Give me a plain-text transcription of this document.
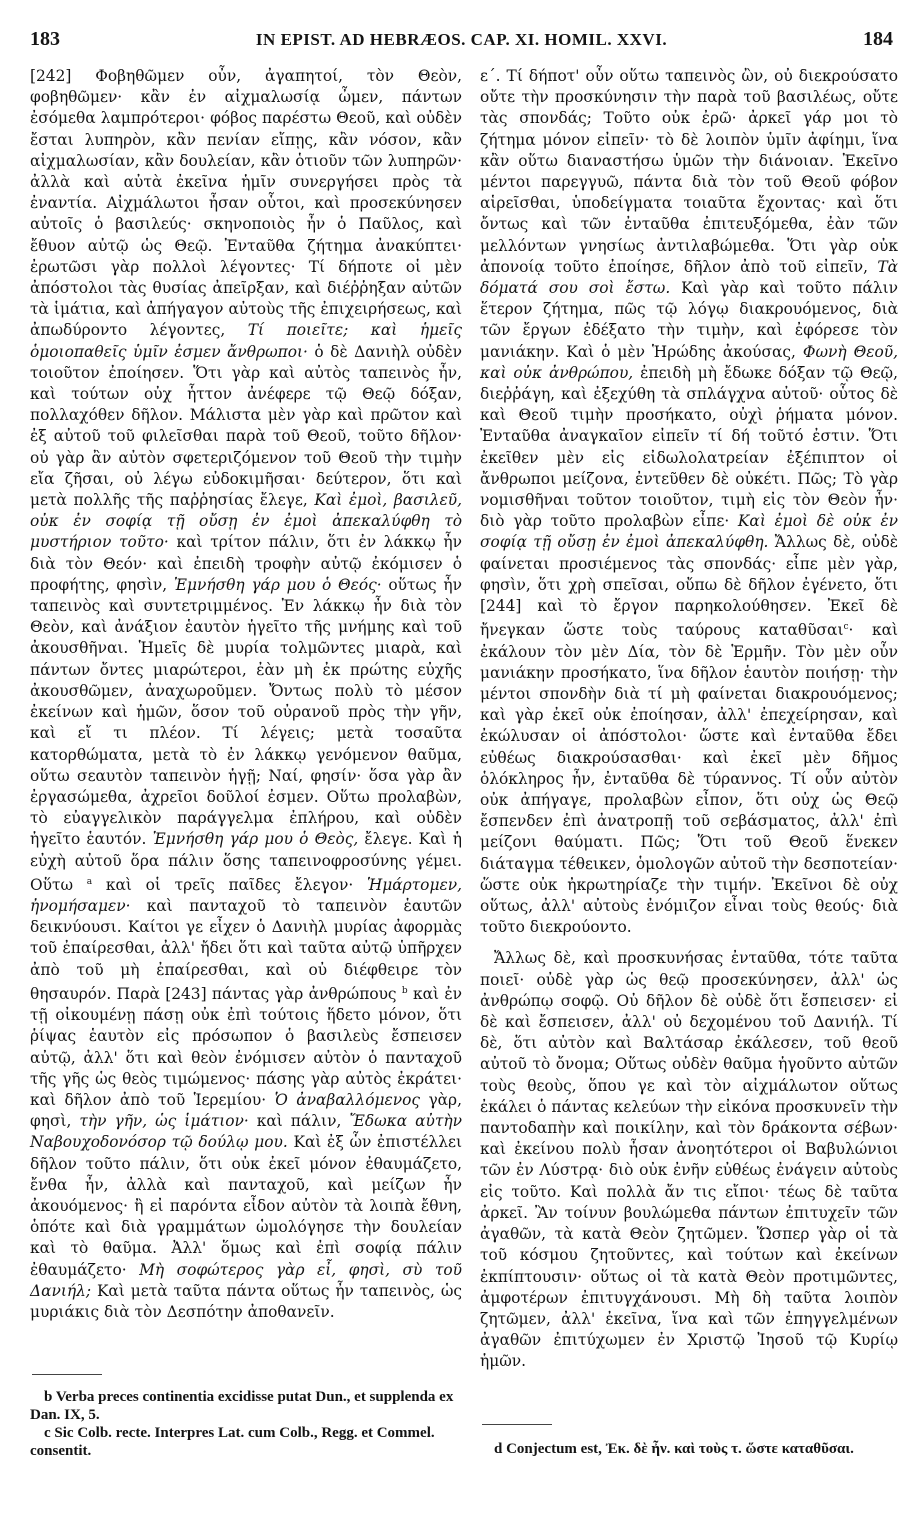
183	IN EPIST. AD HEBRÆOS. CAP. XI. HOMIL. XXVI.	184

[242] Φοβηθῶμεν οὖν, ἀγαπητοί, τὸν Θεὸν, φοβηθῶμεν· κἂν ἐν αἰχμαλωσίᾳ ὦμεν, πάντων ἐσόμεθα λαμπρότεροι· φόβος παρέστω Θεοῦ, καὶ οὐδὲν ἔσται λυπηρὸν, κἂν πενίαν εἴπῃς, κἂν νόσον, κἂν αἰχμαλωσίαν, κἂν δουλείαν, κἂν ὁτιοῦν τῶν λυπηρῶν· ἀλλὰ καὶ αὐτὰ ἐκεῖνα ἡμῖν συνεργήσει πρὸς τὰ ἐναντία. Αἰχμάλωτοι ἦσαν οὗτοι, καὶ προσεκύνησεν αὐτοῖς ὁ βασιλεύς· σκηνοποιὸς ἦν ὁ Παῦλος, καὶ ἔθυον αὐτῷ ὡς Θεῷ. Ἐνταῦθα ζήτημα ἀνακύπτει· ἐρωτῶσι γὰρ πολλοὶ λέγοντες· Τί δήποτε οἱ μὲν ἀπόστολοι τὰς θυσίας ἀπεῖρξαν, καὶ διέῤῥηξαν αὐτῶν τὰ ἱμάτια, καὶ ἀπήγαγον αὐτοὺς τῆς ἐπιχειρήσεως, καὶ ἀπωδύροντο λέγοντες, Τί ποιεῖτε; καὶ ἡμεῖς ὁμοιοπαθεῖς ὑμῖν ἐσμεν ἄνθρωποι· ὁ δὲ Δανιὴλ οὐδὲν τοιοῦτον ἐποίησεν. Ὅτι γὰρ καὶ αὐτὸς ταπεινὸς ἦν, καὶ τούτων οὐχ ἧττον ἀνέφερε τῷ Θεῷ δόξαν, πολλαχόθεν δῆλον. Μάλιστα μὲν γὰρ καὶ πρῶτον καὶ ἐξ αὐτοῦ τοῦ φιλεῖσθαι παρὰ τοῦ Θεοῦ, τοῦτο δῆλον· οὐ γὰρ ἂν αὐτὸν σφετεριζόμενον τοῦ Θεοῦ τὴν τιμὴν εἴα ζῆσαι, οὐ λέγω εὐδοκιμῆσαι· δεύτερον, ὅτι καὶ μετὰ πολλῆς τῆς παῤῥησίας ἔλεγε, Καὶ ἐμοὶ, βασιλεῦ, οὐκ ἐν σοφίᾳ τῇ οὔσῃ ἐν ἐμοὶ ἀπεκαλύφθη τὸ μυστήριον τοῦτο· καὶ τρίτον πάλιν, ὅτι ἐν λάκκῳ ἦν διὰ τὸν Θεόν· καὶ ἐπειδὴ τροφὴν αὐτῷ ἐκόμισεν ὁ προφήτης, φησὶν, Ἐμνήσθη γάρ μου ὁ Θεός· οὕτως ἦν ταπεινὸς καὶ συντετριμμένος. Ἐν λάκκῳ ἦν διὰ τὸν Θεὸν, καὶ ἀνάξιον ἑαυτὸν ἡγεῖτο τῆς μνήμης καὶ τοῦ ἀκουσθῆναι. Ἡμεῖς δὲ μυρία τολμῶντες μιαρὰ, καὶ πάντων ὄντες μιαρώτεροι, ἐὰν μὴ ἐκ πρώτης εὐχῆς ἀκουσθῶμεν, ἀναχωροῦμεν. Ὄντως πολὺ τὸ μέσον ἐκείνων καὶ ἡμῶν, ὅσον τοῦ οὐρανοῦ πρὸς τὴν γῆν, καὶ εἴ τι πλέον. Τί λέγεις; μετὰ τοσαῦτα κατορθώματα, μετὰ τὸ ἐν λάκκῳ γενόμενον θαῦμα, οὕτω σεαυτὸν ταπεινὸν ἡγῇ; Ναί, φησίν· ὅσα γὰρ ἂν ἐργασώμεθα, ἀχρεῖοι δοῦλοί ἐσμεν. Οὕτω προλαβὼν, τὸ εὐαγγελικὸν παράγγελμα ἐπλήρου, καὶ οὐδὲν ἡγεῖτο ἑαυτόν. Ἐμνήσθη γάρ μου ὁ Θεὸς, ἔλεγε. Καὶ ἡ εὐχὴ αὐτοῦ ὅρα πάλιν ὅσης ταπεινοφροσύνης γέμει. Οὕτω $^a$ καὶ οἱ τρεῖς παῖδες ἔλεγον· Ἡμάρτομεν, ἠνομήσαμεν· καὶ πανταχοῦ τὸ ταπεινὸν ἑαυτῶν δεικνύουσι. Καίτοι γε εἶχεν ὁ Δανιὴλ μυρίας ἀφορμὰς τοῦ ἐπαίρεσθαι, ἀλλ' ἤδει ὅτι καὶ ταῦτα αὐτῷ ὑπῆρχεν ἀπὸ τοῦ μὴ ἐπαίρεσθαι, καὶ οὐ διέφθειρε τὸν θησαυρόν. Παρὰ [243] πάντας γὰρ ἀνθρώπους $^b$ καὶ ἐν τῇ οἰκουμένῃ πάσῃ οὐκ ἐπὶ τούτοις ἥδετο μόνον, ὅτι ῥίψας ἑαυτὸν εἰς πρόσωπον ὁ βασιλεὺς ἔσπεισεν αὐτῷ, ἀλλ' ὅτι καὶ θεὸν ἐνόμισεν αὐτὸν ὁ πανταχοῦ τῆς γῆς ὡς θεὸς τιμώμενος· πάσης γὰρ αὐτὸς ἐκράτει· καὶ δῆλον ἀπὸ τοῦ Ἱερεμίου· Ὁ ἀναβαλλόμενος γὰρ, φησὶ, τὴν γῆν, ὡς ἱμάτιον· καὶ πάλιν, Ἔδωκα αὐτὴν Ναβουχοδονόσορ τῷ δούλῳ μου. Καὶ ἐξ ὧν ἐπιστέλλει δῆλον τοῦτο πάλιν, ὅτι οὐκ ἐκεῖ μόνον ἐθαυμάζετο, ἔνθα ἦν, ἀλλὰ καὶ πανταχοῦ, καὶ μείζων ἦν ἀκουόμενος· ἢ εἰ παρόντα εἶδον αὐτὸν τὰ λοιπὰ ἔθνη, ὁπότε καὶ διὰ γραμμάτων ὡμολόγησε τὴν δουλείαν καὶ τὸ θαῦμα. Ἀλλ' ὅμως καὶ ἐπὶ σοφίᾳ πάλιν ἐθαυμάζετο· Μὴ σοφώτερος γὰρ εἶ, φησὶ, σὺ τοῦ Δανιήλ; Καὶ μετὰ ταῦτα πάντα οὕτως ἦν ταπεινὸς, ὡς μυριάκις διὰ τὸν Δεσπότην ἀποθανεῖν.

ε΄. Τί δήποτ' οὖν οὕτω ταπεινὸς ὢν, οὐ διεκρούσατο οὔτε τὴν προσκύνησιν τὴν παρὰ τοῦ βασιλέως, οὔτε τὰς σπονδάς; Τοῦτο οὐκ ἐρῶ· ἀρκεῖ γάρ μοι τὸ ζήτημα μόνον εἰπεῖν· τὸ δὲ λοιπὸν ὑμῖν ἀφίημι, ἵνα κἂν οὕτω διαναστήσω ὑμῶν τὴν διάνοιαν. Ἐκεῖνο μέντοι παρεγγυῶ, πάντα διὰ τὸν τοῦ Θεοῦ φόβον αἱρεῖσθαι, ὑποδείγματα τοιαῦτα ἔχοντας· καὶ ὅτι ὄντως καὶ τῶν ἐνταῦθα ἐπιτευξόμεθα, ἐὰν τῶν μελλόντων γνησίως ἀντιλαβώμεθα. Ὅτι γὰρ οὐκ ἀπονοίᾳ τοῦτο ἐποίησε, δῆλον ἀπὸ τοῦ εἰπεῖν, Τὰ δόματά σου σοὶ ἔστω. Καὶ γὰρ καὶ τοῦτο πάλιν ἕτερον ζήτημα, πῶς τῷ λόγῳ διακρουόμενος, διὰ τῶν ἔργων ἐδέξατο τὴν τιμὴν, καὶ ἐφόρεσε τὸν μανιάκην. Καὶ ὁ μὲν Ἡρώδης ἀκούσας, Φωνὴ Θεοῦ, καὶ οὐκ ἀνθρώπου, ἐπειδὴ μὴ ἔδωκε δόξαν τῷ Θεῷ, διεῤῥάγη, καὶ ἐξεχύθη τὰ σπλάγχνα αὐτοῦ· οὗτος δὲ καὶ Θεοῦ τιμὴν προσήκατο, οὐχὶ ῥήματα μόνον. Ἐνταῦθα ἀναγκαῖον εἰπεῖν τί δή τοῦτό ἐστιν. Ὅτι ἐκεῖθεν μὲν εἰς εἰδωλολατρείαν ἐξέπιπτον οἱ ἄνθρωποι μείζονα, ἐντεῦθεν δὲ οὐκέτι. Πῶς; Τὸ γὰρ νομισθῆναι τοῦτον τοιοῦτον, τιμὴ εἰς τὸν Θεὸν ἦν· διὸ γὰρ τοῦτο προλαβὼν εἶπε· Καὶ ἐμοὶ δὲ οὐκ ἐν σοφίᾳ τῇ οὔσῃ ἐν ἐμοὶ ἀπεκαλύφθη. Ἄλλως δὲ, οὐδὲ φαίνεται προσιέμενος τὰς σπονδάς· εἶπε μὲν γὰρ, φησὶν, ὅτι χρὴ σπεῖσαι, οὔπω δὲ δῆλον ἐγένετο, ὅτι [244] καὶ τὸ ἔργον παρηκολούθησεν. Ἐκεῖ δὲ ἤνεγκαν ὥστε τοὺς ταύρους καταθῦσαι$^c$· καὶ ἐκάλουν τὸν μὲν Δία, τὸν δὲ Ἑρμῆν. Τὸν μὲν οὖν μανιάκην προσήκατο, ἵνα δῆλον ἑαυτὸν ποιήσῃ· τὴν μέντοι σπονδὴν διὰ τί μὴ φαίνεται διακρουόμενος; καὶ γὰρ ἐκεῖ οὐκ ἐποίησαν, ἀλλ' ἐπεχείρησαν, καὶ ἐκώλυσαν οἱ ἀπόστολοι· ὥστε καὶ ἐνταῦθα ἔδει εὐθέως διακρούσασθαι· καὶ ἐκεῖ μὲν δῆμος ὁλόκληρος ἦν, ἐνταῦθα δὲ τύραννος. Τί οὖν αὐτὸν οὐκ ἀπήγαγε, προλαβὼν εἶπον, ὅτι οὐχ ὡς Θεῷ ἔσπενδεν ἐπὶ ἀνατροπῇ τοῦ σεβάσματος, ἀλλ' ἐπὶ μείζονι θαύματι. Πῶς; Ὅτι τοῦ Θεοῦ ἕνεκεν διάταγμα τέθεικεν, ὁμολογῶν αὐτοῦ τὴν δεσποτείαν· ὥστε οὐκ ἠκρωτηρίαζε τὴν τιμήν. Ἐκεῖνοι δὲ οὐχ οὕτως, ἀλλ' αὐτοὺς ἐνόμιζον εἶναι τοὺς θεούς· διὰ τοῦτο διεκρούοντο.

Ἄλλως δὲ, καὶ προσκυνήσας ἐνταῦθα, τότε ταῦτα ποιεῖ· οὐδὲ γὰρ ὡς θεῷ προσεκύνησεν, ἀλλ' ὡς ἀνθρώπῳ σοφῷ. Οὐ δῆλον δὲ οὐδὲ ὅτι ἔσπεισεν· εἰ δὲ καὶ ἔσπεισεν, ἀλλ' οὐ δεχομένου τοῦ Δανιήλ. Τί δὲ, ὅτι αὐτὸν καὶ Βαλτάσαρ ἐκάλεσεν, τοῦ θεοῦ αὐτοῦ τὸ ὄνομα; Οὕτως οὐδὲν θαῦμα ἡγοῦντο αὐτῶν τοὺς θεοὺς, ὅπου γε καὶ τὸν αἰχμάλωτον οὕτως ἐκάλει ὁ πάντας κελεύων τὴν εἰκόνα προσκυνεῖν τὴν παντοδαπὴν καὶ ποικίλην, καὶ τὸν δράκοντα σέβων· καὶ ἐκείνου πολὺ ἦσαν ἀνοητότεροι οἱ Βαβυλώνιοι τῶν ἐν Λύστρᾳ· διὸ οὐκ ἐνῆν εὐθέως ἐνάγειν αὐτοὺς εἰς τοῦτο. Καὶ πολλὰ ἄν τις εἴποι· τέως δὲ ταῦτα ἀρκεῖ. Ἂν τοίνυν βουλώμεθα πάντων ἐπιτυχεῖν τῶν ἀγαθῶν, τὰ κατὰ Θεὸν ζητῶμεν. Ὥσπερ γὰρ οἱ τὰ τοῦ κόσμου ζητοῦντες, καὶ τούτων καὶ ἐκείνων ἐκπίπτουσιν· οὕτως οἱ τὰ κατὰ Θεὸν προτιμῶντες, ἀμφοτέρων ἐπιτυγχάνουσι. Μὴ δὴ ταῦτα λοιπὸν ζητῶμεν, ἀλλ' ἐκεῖνα, ἵνα καὶ τῶν ἐπηγγελμένων ἀγαθῶν ἐπιτύχωμεν ἐν Χριστῷ Ἰησοῦ τῷ Κυρίῳ ἡμῶν.

b Verba preces continentia excidisse putat Dun., et supplenda ex Dan. IX, 5.

c Sic Colb. recte. Interpres Lat. cum Colb., Regg. et Commel. consentit.	d Conjectum est, Ἐκ. δὲ ἦν. καὶ τοὺς τ. ὥστε καταθῦσαι.
